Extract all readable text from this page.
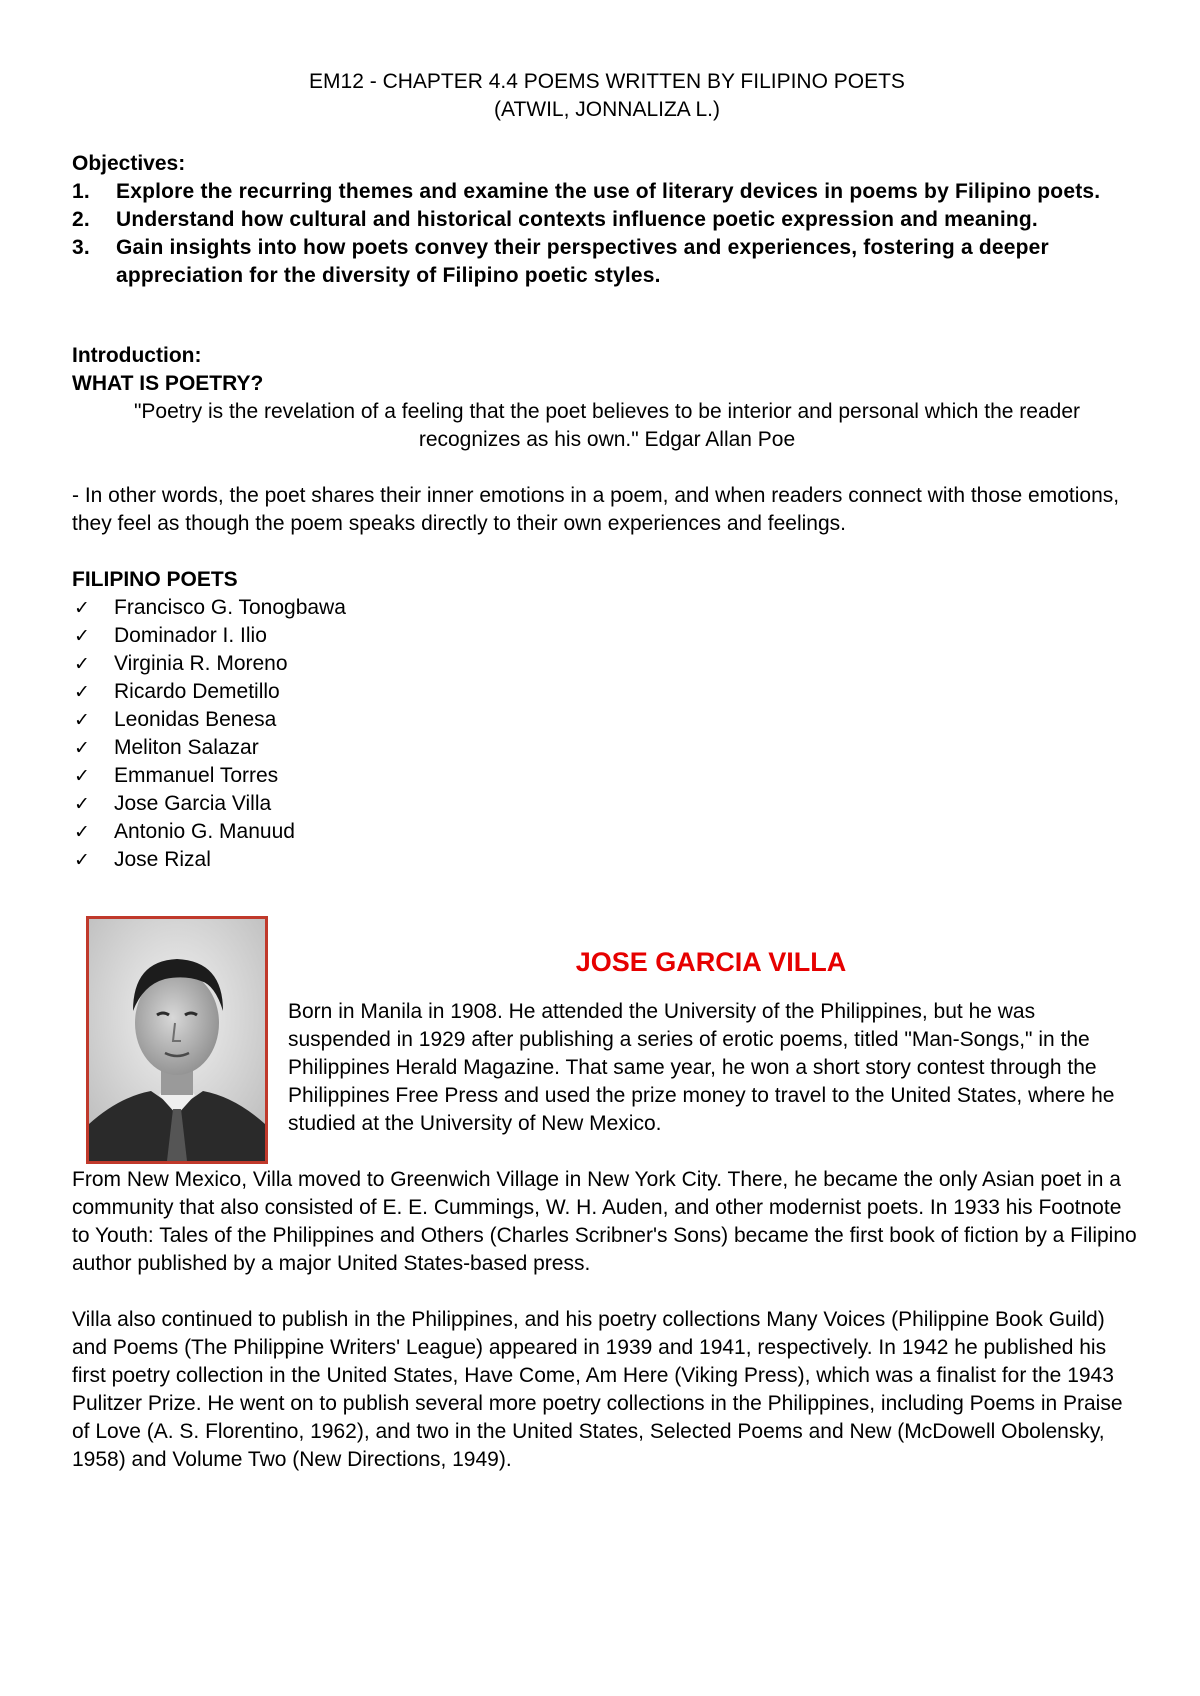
EM12 - CHAPTER 4.4 POEMS WRITTEN BY FILIPINO POETS

(ATWIL, JONNALIZA L.)

Objectives:
1. Explore the recurring themes and examine the use of literary devices in poems by Filipino poets.
2. Understand how cultural and historical contexts influence poetic expression and meaning.
3. Gain insights into how poets convey their perspectives and experiences, fostering a deeper appreciation for the diversity of Filipino poetic styles.
Introduction:
WHAT IS POETRY?
"Poetry is the revelation of a feeling that the poet believes to be interior and personal which the reader recognizes as his own." Edgar Allan Poe
- In other words, the poet shares their inner emotions in a poem, and when readers connect with those emotions, they feel as though the poem speaks directly to their own experiences and feelings.
FILIPINO POETS
✓ Francisco G. Tonogbawa
✓ Dominador I. Ilio
✓ Virginia R. Moreno
✓ Ricardo Demetillo
✓ Leonidas Benesa
✓ Meliton Salazar
✓ Emmanuel Torres
✓ Jose Garcia Villa
✓ Antonio G. Manuud
✓ Jose Rizal
JOSE GARCIA VILLA
Born in Manila in 1908. He attended the University of the Philippines, but he was suspended in 1929 after publishing a series of erotic poems, titled "Man-Songs," in the Philippines Herald Magazine. That same year, he won a short story contest through the Philippines Free Press and used the prize money to travel to the United States, where he studied at the University of New Mexico.

From New Mexico, Villa moved to Greenwich Village in New York City. There, he became the only Asian poet in a community that also consisted of E. E. Cummings, W. H. Auden, and other modernist poets. In 1933 his Footnote to Youth: Tales of the Philippines and Others (Charles Scribner's Sons) became the first book of fiction by a Filipino author published by a major United States-based press.

Villa also continued to publish in the Philippines, and his poetry collections Many Voices (Philippine Book Guild) and Poems (The Philippine Writers' League) appeared in 1939 and 1941, respectively. In 1942 he published his first poetry collection in the United States, Have Come, Am Here (Viking Press), which was a finalist for the 1943 Pulitzer Prize. He went on to publish several more poetry collections in the Philippines, including Poems in Praise of Love (A. S. Florentino, 1962), and two in the United States, Selected Poems and New (McDowell Obolensky, 1958) and Volume Two (New Directions, 1949).
